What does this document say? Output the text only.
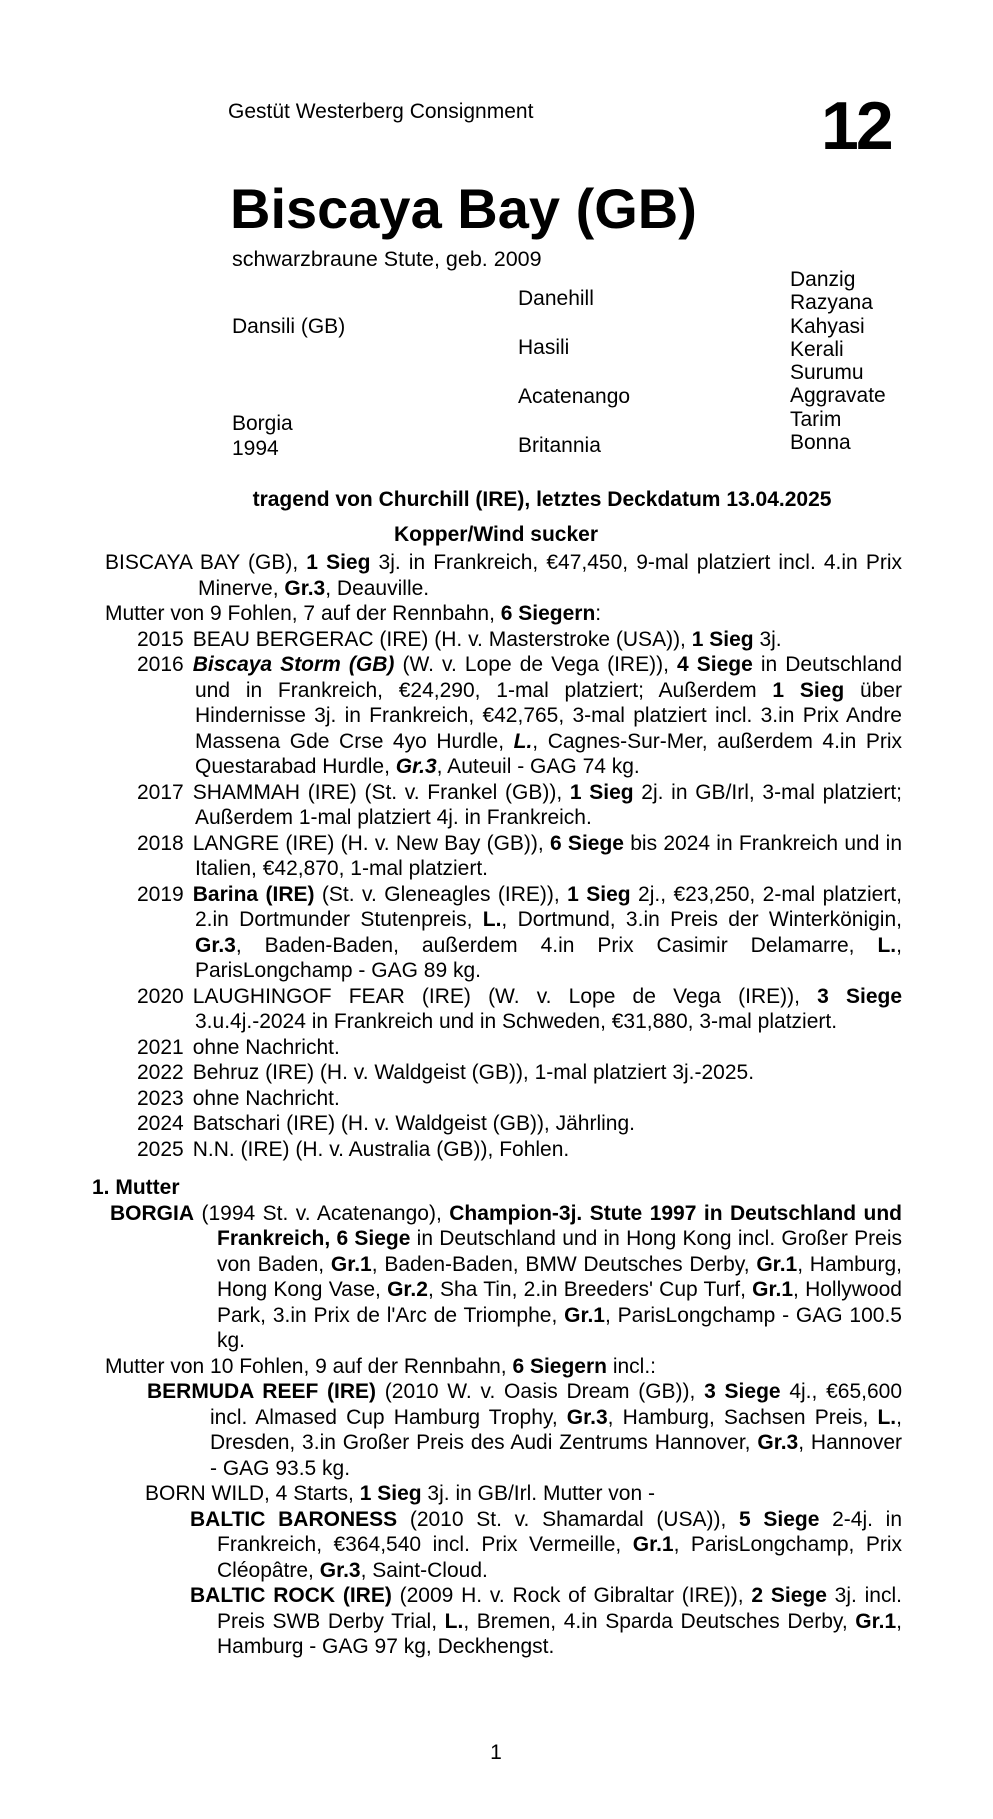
Gestüt Westerberg Consignment	12
Biscaya Bay (GB)
schwarzbraune Stute, geb. 2009
Dansili (GB)
Borgia
1994
Danehill
Hasili
Acatenango
Britannia
Danzig
Razyana
Kahyasi
Kerali
Surumu
Aggravate
Tarim
Bonna

tragend von Churchill (IRE), letztes Deckdatum 13.04.2025

Kopper/Wind sucker

BISCAYA BAY (GB), 1 Sieg 3j. in Frankreich, €47,450, 9-mal platziert incl. 4.in Prix Minerve, Gr.3, Deauville.

Mutter von 9 Fohlen, 7 auf der Rennbahn, 6 Siegern:

2015 BEAU BERGERAC (IRE) (H. v. Masterstroke (USA)), 1 Sieg 3j.

2016 Biscaya Storm (GB) (W. v. Lope de Vega (IRE)), 4 Siege in Deutschland und in Frankreich, €24,290, 1-mal platziert; Außerdem 1 Sieg über Hindernisse 3j. in Frankreich, €42,765, 3-mal platziert incl. 3.in Prix Andre Massena Gde Crse 4yo Hurdle, L., Cagnes-Sur-Mer, außerdem 4.in Prix Questarabad Hurdle, Gr.3, Auteuil - GAG 74 kg.

2017 SHAMMAH (IRE) (St. v. Frankel (GB)), 1 Sieg 2j. in GB/Irl, 3-mal platziert; Außerdem 1-mal platziert 4j. in Frankreich.

2018 LANGRE (IRE) (H. v. New Bay (GB)), 6 Siege bis 2024 in Frankreich und in Italien, €42,870, 1-mal platziert.

2019 Barina (IRE) (St. v. Gleneagles (IRE)), 1 Sieg 2j., €23,250, 2-mal platziert, 2.in Dortmunder Stutenpreis, L., Dortmund, 3.in Preis der Winterkönigin, Gr.3, Baden-Baden, außerdem 4.in Prix Casimir Delamarre, L., ParisLongchamp - GAG 89 kg.

2020 LAUGHINGOF FEAR (IRE) (W. v. Lope de Vega (IRE)), 3 Siege 3.u.4j.-2024 in Frankreich und in Schweden, €31,880, 3-mal platziert.

2021 ohne Nachricht.

2022 Behruz (IRE) (H. v. Waldgeist (GB)), 1-mal platziert 3j.-2025.

2023 ohne Nachricht.

2024 Batschari (IRE) (H. v. Waldgeist (GB)), Jährling.

2025 N.N. (IRE) (H. v. Australia (GB)), Fohlen.

1. Mutter

BORGIA (1994 St. v. Acatenango), Champion-3j. Stute 1997 in Deutschland und Frankreich, 6 Siege in Deutschland und in Hong Kong incl. Großer Preis von Baden, Gr.1, Baden-Baden, BMW Deutsches Derby, Gr.1, Hamburg, Hong Kong Vase, Gr.2, Sha Tin, 2.in Breeders' Cup Turf, Gr.1, Hollywood Park, 3.in Prix de l'Arc de Triomphe, Gr.1, ParisLongchamp - GAG 100.5 kg.

Mutter von 10 Fohlen, 9 auf der Rennbahn, 6 Siegern incl.:

BERMUDA REEF (IRE) (2010 W. v. Oasis Dream (GB)), 3 Siege 4j., €65,600 incl. Almased Cup Hamburg Trophy, Gr.3, Hamburg, Sachsen Preis, L., Dresden, 3.in Großer Preis des Audi Zentrums Hannover, Gr.3, Hannover - GAG 93.5 kg.

BORN WILD, 4 Starts, 1 Sieg 3j. in GB/Irl. Mutter von -

BALTIC BARONESS (2010 St. v. Shamardal (USA)), 5 Siege 2-4j. in Frankreich, €364,540 incl. Prix Vermeille, Gr.1, ParisLongchamp, Prix Cléopâtre, Gr.3, Saint-Cloud.

BALTIC ROCK (IRE) (2009 H. v. Rock of Gibraltar (IRE)), 2 Siege 3j. incl. Preis SWB Derby Trial, L., Bremen, 4.in Sparda Deutsches Derby, Gr.1, Hamburg - GAG 97 kg, Deckhengst.

1
